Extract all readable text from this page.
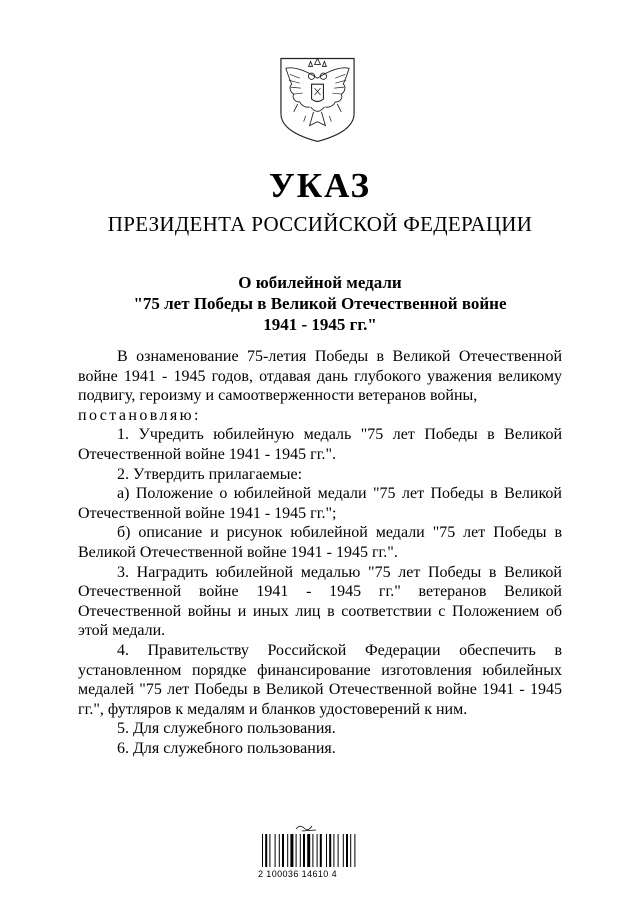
УКАЗ
ПРЕЗИДЕНТА РОССИЙСКОЙ ФЕДЕРАЦИИ
О юбилейной медали
"75 лет Победы в Великой Отечественной войне
1941 - 1945 гг."

В ознаменование 75-летия Победы в Великой Отечественной войне 1941 - 1945 годов, отдавая дань глубокого уважения великому подвигу, героизму и самоотверженности ветеранов войны,

постановляю:

1. Учредить юбилейную медаль "75 лет Победы в Великой Отечественной войне 1941 - 1945 гг.".

2. Утвердить прилагаемые:

а) Положение о юбилейной медали "75 лет Победы в Великой Отечественной войне 1941 - 1945 гг.";

б) описание и рисунок юбилейной медали "75 лет Победы в Великой Отечественной войне 1941 - 1945 гг.".

3. Наградить юбилейной медалью "75 лет Победы в Великой Отечественной войне 1941 - 1945 гг." ветеранов Великой Отечественной войны и иных лиц в соответствии с Положением об этой медали.

4. Правительству Российской Федерации обеспечить в установленном порядке финансирование изготовления юбилейных медалей "75 лет Победы в Великой Отечественной войне 1941 - 1945 гг.", футляров к медалям и бланков удостоверений к ним.

5. Для служебного пользования.

6. Для служебного пользования.

2 100036 14610 4
